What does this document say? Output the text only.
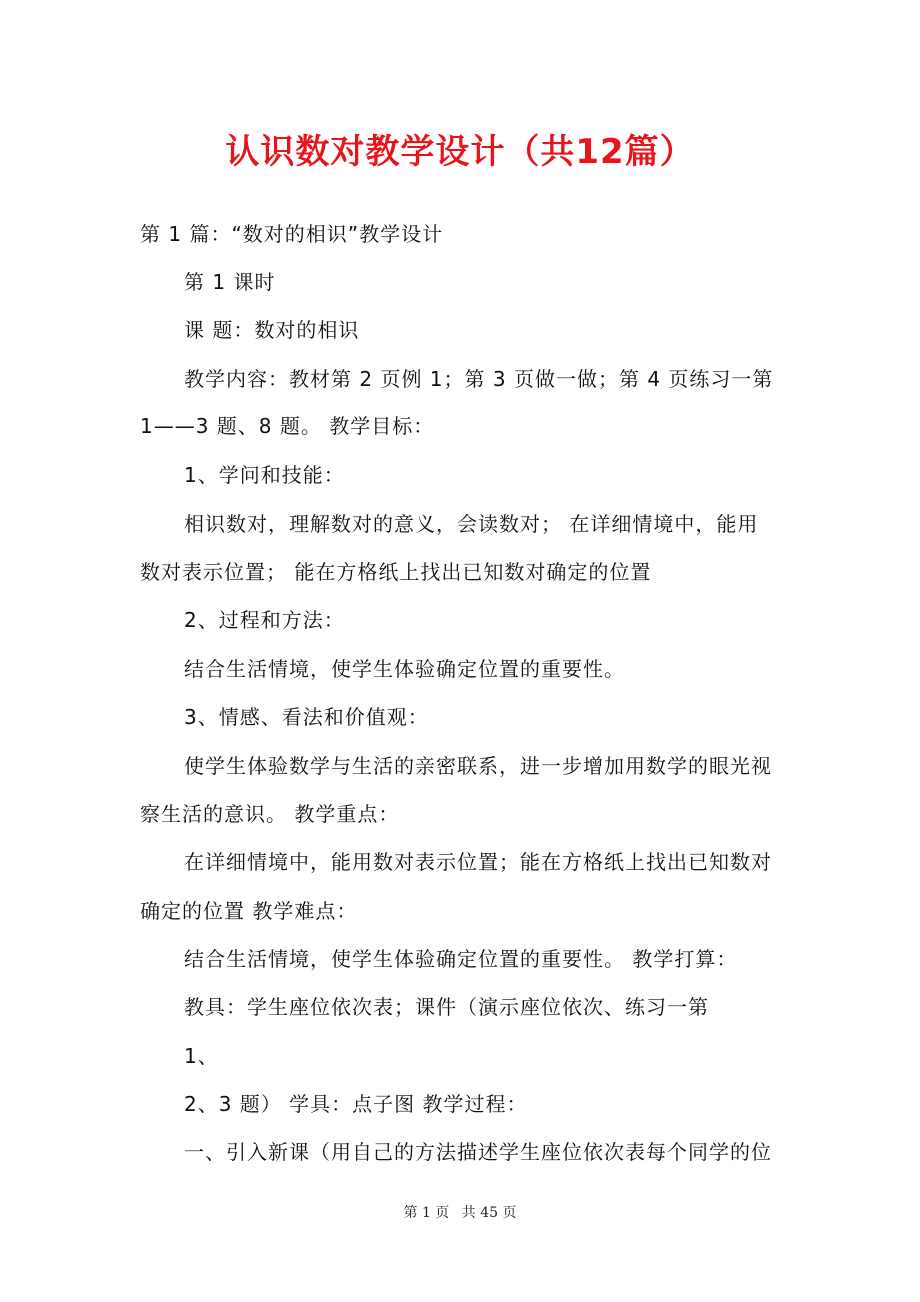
认识数对教学设计（共12篇）

第 1 篇：“数对的相识”教学设计

第 1 课时

课 题：数对的相识

教学内容：教材第 2 页例 1；第 3 页做一做；第 4 页练习一第

1——3 题、8 题。 教学目标：

1、学问和技能：

相识数对，理解数对的意义，会读数对； 在详细情境中，能用

数对表示位置； 能在方格纸上找出已知数对确定的位置

2、过程和方法：

结合生活情境，使学生体验确定位置的重要性。

3、情感、看法和价值观：

使学生体验数学与生活的亲密联系，进一步增加用数学的眼光视

察生活的意识。 教学重点：

在详细情境中，能用数对表示位置；能在方格纸上找出已知数对

确定的位置 教学难点：

结合生活情境，使学生体验确定位置的重要性。 教学打算：

教具：学生座位依次表；课件（演示座位依次、练习一第

1、

2、3 题） 学具：点子图 教学过程：

一、引入新课（用自己的方法描述学生座位依次表每个同学的位

第 1 页 共 45 页
